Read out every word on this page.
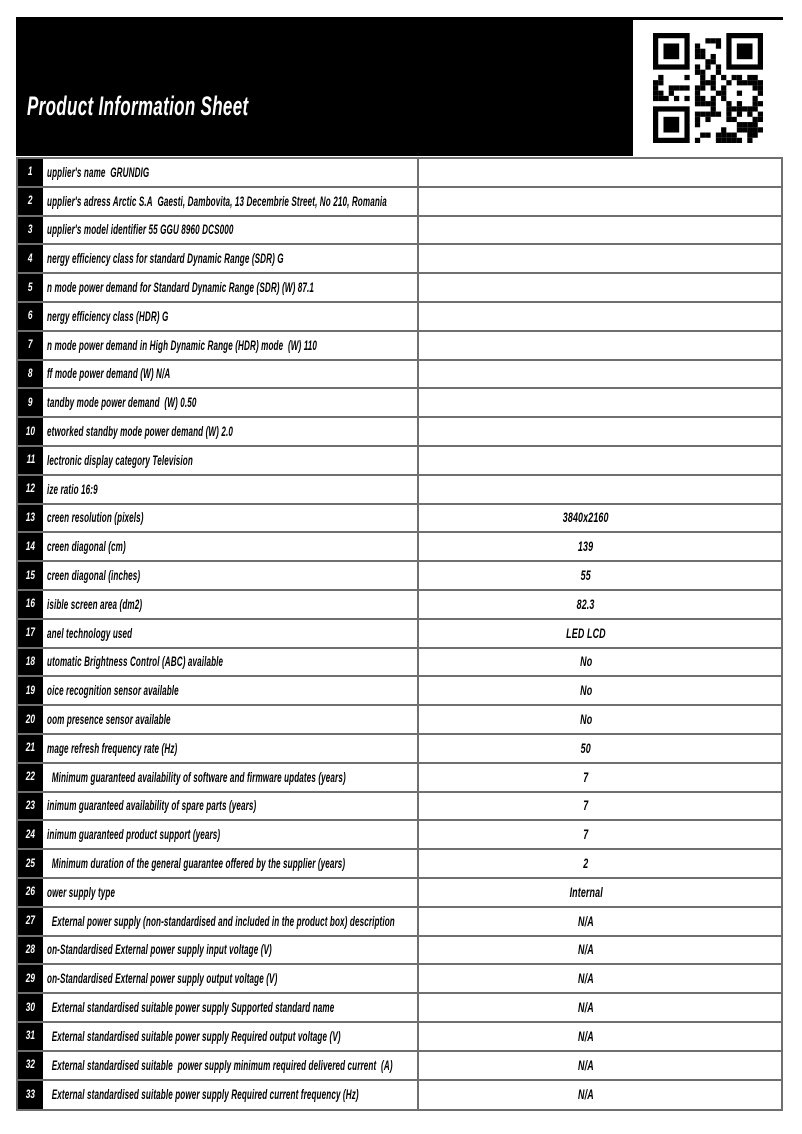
Product Information Sheet
1 upplier's name  GRUNDIG
2 upplier's adress Arctic S.A  Gaesti, Dambovita, 13 Decembrie Street, No 210, Romania
3 upplier's model identifier 55 GGU 8960 DCS000
4 nergy efficiency class for standard Dynamic Range (SDR) G
5 n mode power demand for Standard Dynamic Range (SDR) (W) 87.1
6 nergy efficiency class (HDR) G
7 n mode power demand in High Dynamic Range (HDR) mode  (W) 110
8 ff mode power demand (W) N/A
9 tandby mode power demand  (W) 0.50
10 etworked standby mode power demand (W) 2.0
11 lectronic display category Television
12 ize ratio 16:9
13 creen resolution (pixels)	3840x2160
14 creen diagonal (cm)	139
15 creen diagonal (inches)	55
16 isible screen area (dm2)	82.3
17 anel technology used	LED LCD
18 utomatic Brightness Control (ABC) available	No
19 oice recognition sensor available	No
20 oom presence sensor available	No
21 mage refresh frequency rate (Hz)	50
22 Minimum guaranteed availability of software and firmware updates (years)	7
23 inimum guaranteed availability of spare parts (years)	7
24 inimum guaranteed product support (years)	7
25 Minimum duration of the general guarantee offered by the supplier (years)	2
26 ower supply type	Internal
27 External power supply (non-standardised and included in the product box) description	N/A
28 on-Standardised External power supply input voltage (V)	N/A
29 on-Standardised External power supply output voltage (V)	N/A
30 External standardised suitable power supply Supported standard name	N/A
31 External standardised suitable power supply Required output voltage (V)	N/A
32 External standardised suitable  power supply minimum required delivered current  (A)	N/A
33 External standardised suitable power supply Required current frequency (Hz)	N/A
